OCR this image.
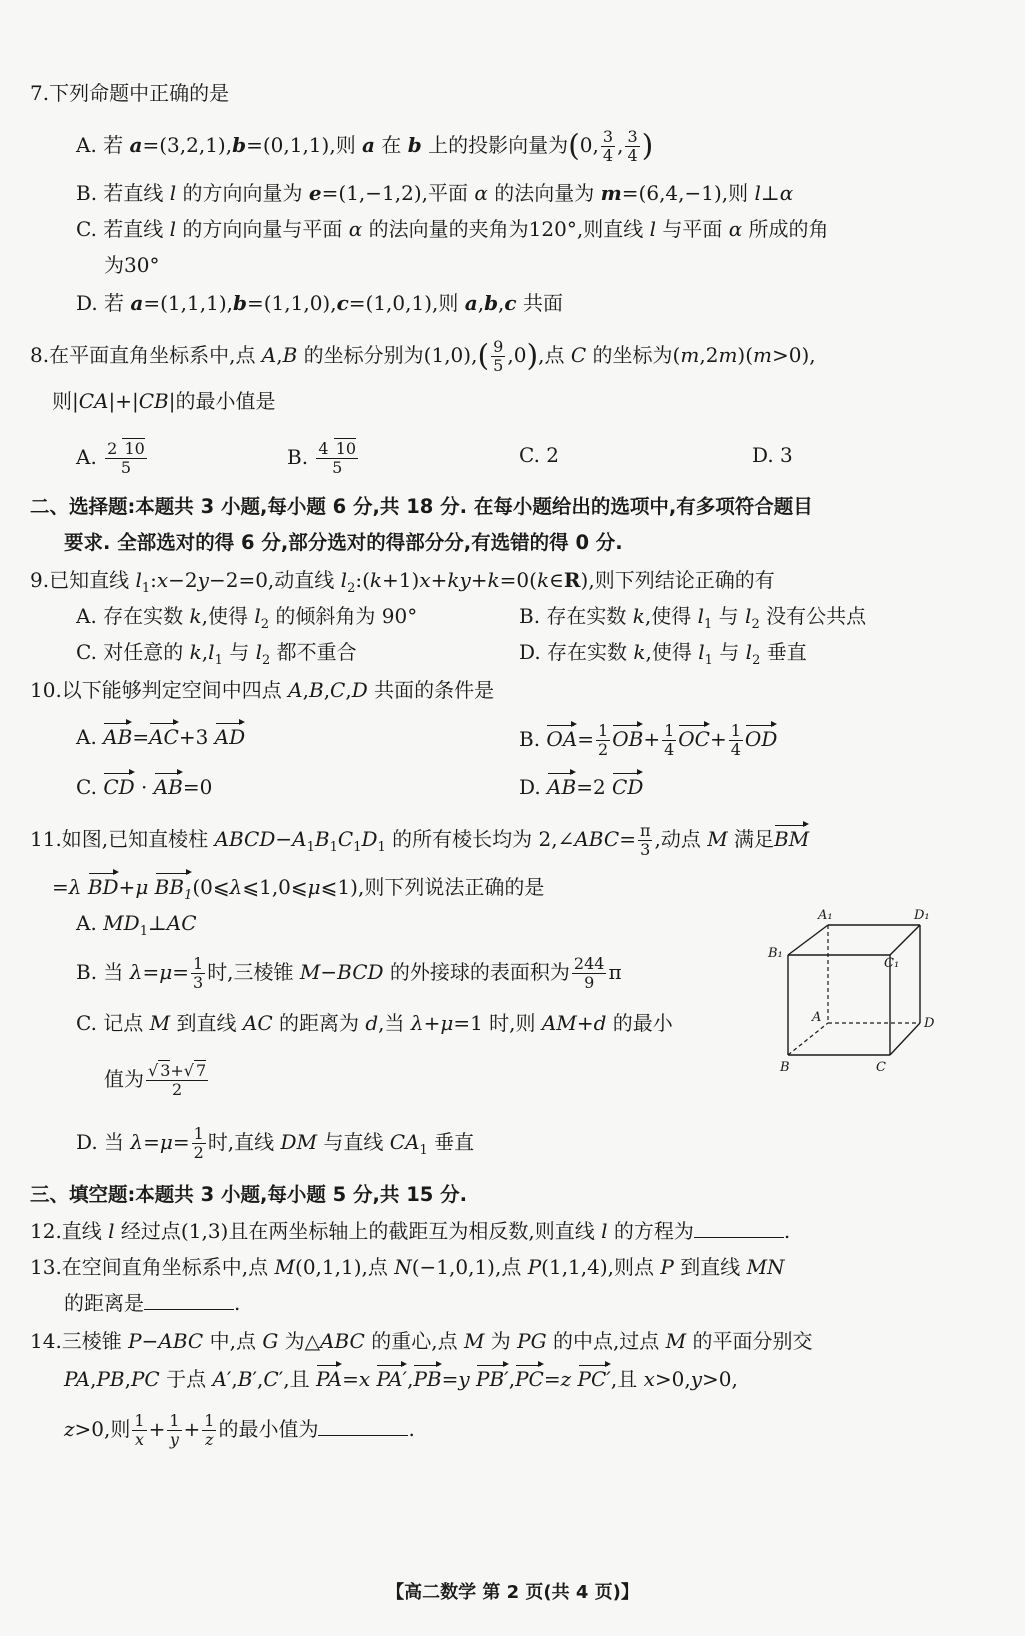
7.下列命题中正确的是
A. 若 a=(3,2,1),b=(0,1,1),则 a 在 b 上的投影向量为(0, $\frac{3}{4}$ , $\frac{3}{4}$ )
B. 若直线 l 的方向向量为 e=(1,−1,2),平面 α 的法向量为 m=(6,4,−1),则 l⊥α
C. 若直线 l 的方向向量与平面 α 的法向量的夹角为120°,则直线 l 与平面 α 所成的角
为30°
D. 若 a=(1,1,1),b=(1,1,0),c=(1,0,1),则 a,b,c 共面
8.在平面直角坐标系中,点 A,B 的坐标分别为$(1,0),( \frac{9}{5} ,0)$,点 C 的坐标为(m,2m)(m>0),
则|CA|+|CB|的最小值是
A. $\frac{2 10}{5}$	B. $\frac{4 10}{5}$	C. 2	D. 3
二、选择题:本题共 3 小题,每小题 6 分,共 18 分. 在每小题给出的选项中,有多项符合题目
要求. 全部选对的得 6 分,部分选对的得部分分,有选错的得 0 分.
9.已知直线 $l_1:x-2y-2=0$,动直线 $l_2:(k+1)x+ky+k=0(k\in R)$,则下列结论正确的有
A. 存在实数 k,使得 $l_2$ 的倾斜角为 90°	B. 存在实数 k,使得 $l_1$ 与 $l_2$ 没有公共点
C. 对任意的 $k,l_1$ 与 $l_2$ 都不重合	D. 存在实数 k,使得 $l_1$ 与 $l_2$ 垂直
10.以下能够判定空间中四点 A,B,C,D 共面的条件是
A. AB=AC+3 AD	B. $OA= \frac{1}{2} OB+ \frac{1}{4} OC+ \frac{1}{4}$ OD
C. CD · AB=0	D. AB=2 CD
11.如图,已知直棱柱 $ABCD-A_1B_1C_1D_1$ 的所有棱长均为 2,∠ABC= $\frac{\pi}{3}$ ,动点 M 满足BM
=λ BD+μ $BB_1(0⩽\lambda⩽1,0⩽\mu⩽1)$,则下列说法正确的是
A. $MD_1\perp AC$
B. 当 $\lambda=\mu= \frac{1}{3}$ 时,三棱锥 M−BCD 的外接球的表面积为 $\frac{244}{9}$ π
C. 记点 M 到直线 AC 的距离为 d,当 λ+μ=1 时,则 AM+d 的最小
值为 $\frac{√ 3+√ 7}{2}$
D. 当 $\lambda=\mu= \frac{1}{2}$ 时,直线 DM 与直线 $CA_1$ 垂直
A₁	D₁
B₁
C₁
A	D
B	C
三、填空题:本题共 3 小题,每小题 5 分,共 15 分.
12.直线 l 经过点(1,3)且在两坐标轴上的截距互为相反数,则直线 l 的方程为	.
13.在空间直角坐标系中,点 M(0,1,1),点 N(−1,0,1),点 P(1,1,4),则点 P 到直线 MN
的距离是	.
14.三棱锥 P−ABC 中,点 G 为△ABC 的重心,点 M 为 PG 的中点,过点 M 的平面分别交
PA,PB,PC 于点 A′,B′,C′,且 PA=x PA′,PB=y PB′,PC=z PC′,且 x>0,y>0,
z>0,则 $\frac{1}{x} + \frac{1}{y} + \frac{1}{z}$ 的最小值为	.
【高二数学 第 2 页(共 4 页)】
